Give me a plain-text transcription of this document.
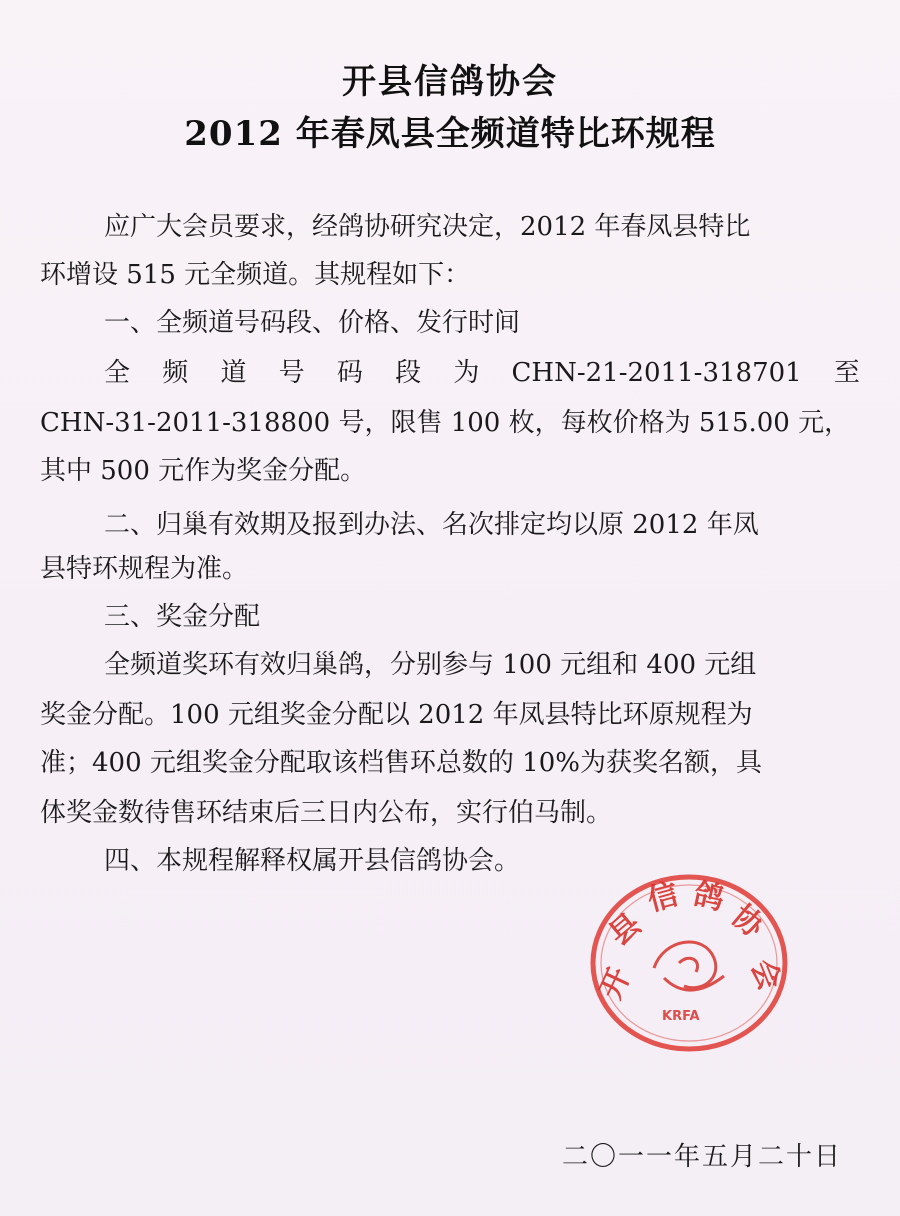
开县信鸽协会
2012 年春凤县全频道特比环规程

应广大会员要求，经鸽协研究决定，2012 年春凤县特比

环增设 515 元全频道。其规程如下：

一、全频道号码段、价格、发行时间

全 频 道 号 码 段 为 CHN-21-2011-318701 至

CHN-31-2011-318800 号，限售 100 枚，每枚价格为 515.00 元，

其中 500 元作为奖金分配。

二、归巢有效期及报到办法、名次排定均以原 2012 年凤

县特环规程为准。

三、奖金分配

全频道奖环有效归巢鸽，分别参与 100 元组和 400 元组

奖金分配。100 元组奖金分配以 2012 年凤县特比环原规程为

准；400 元组奖金分配取该档售环总数的 10%为获奖名额，具

体奖金数待售环结束后三日内公布，实行伯马制。

四、本规程解释权属开县信鸽协会。

开
县
信 鸽
协
会
KRFA

二〇一一年五月二十日
